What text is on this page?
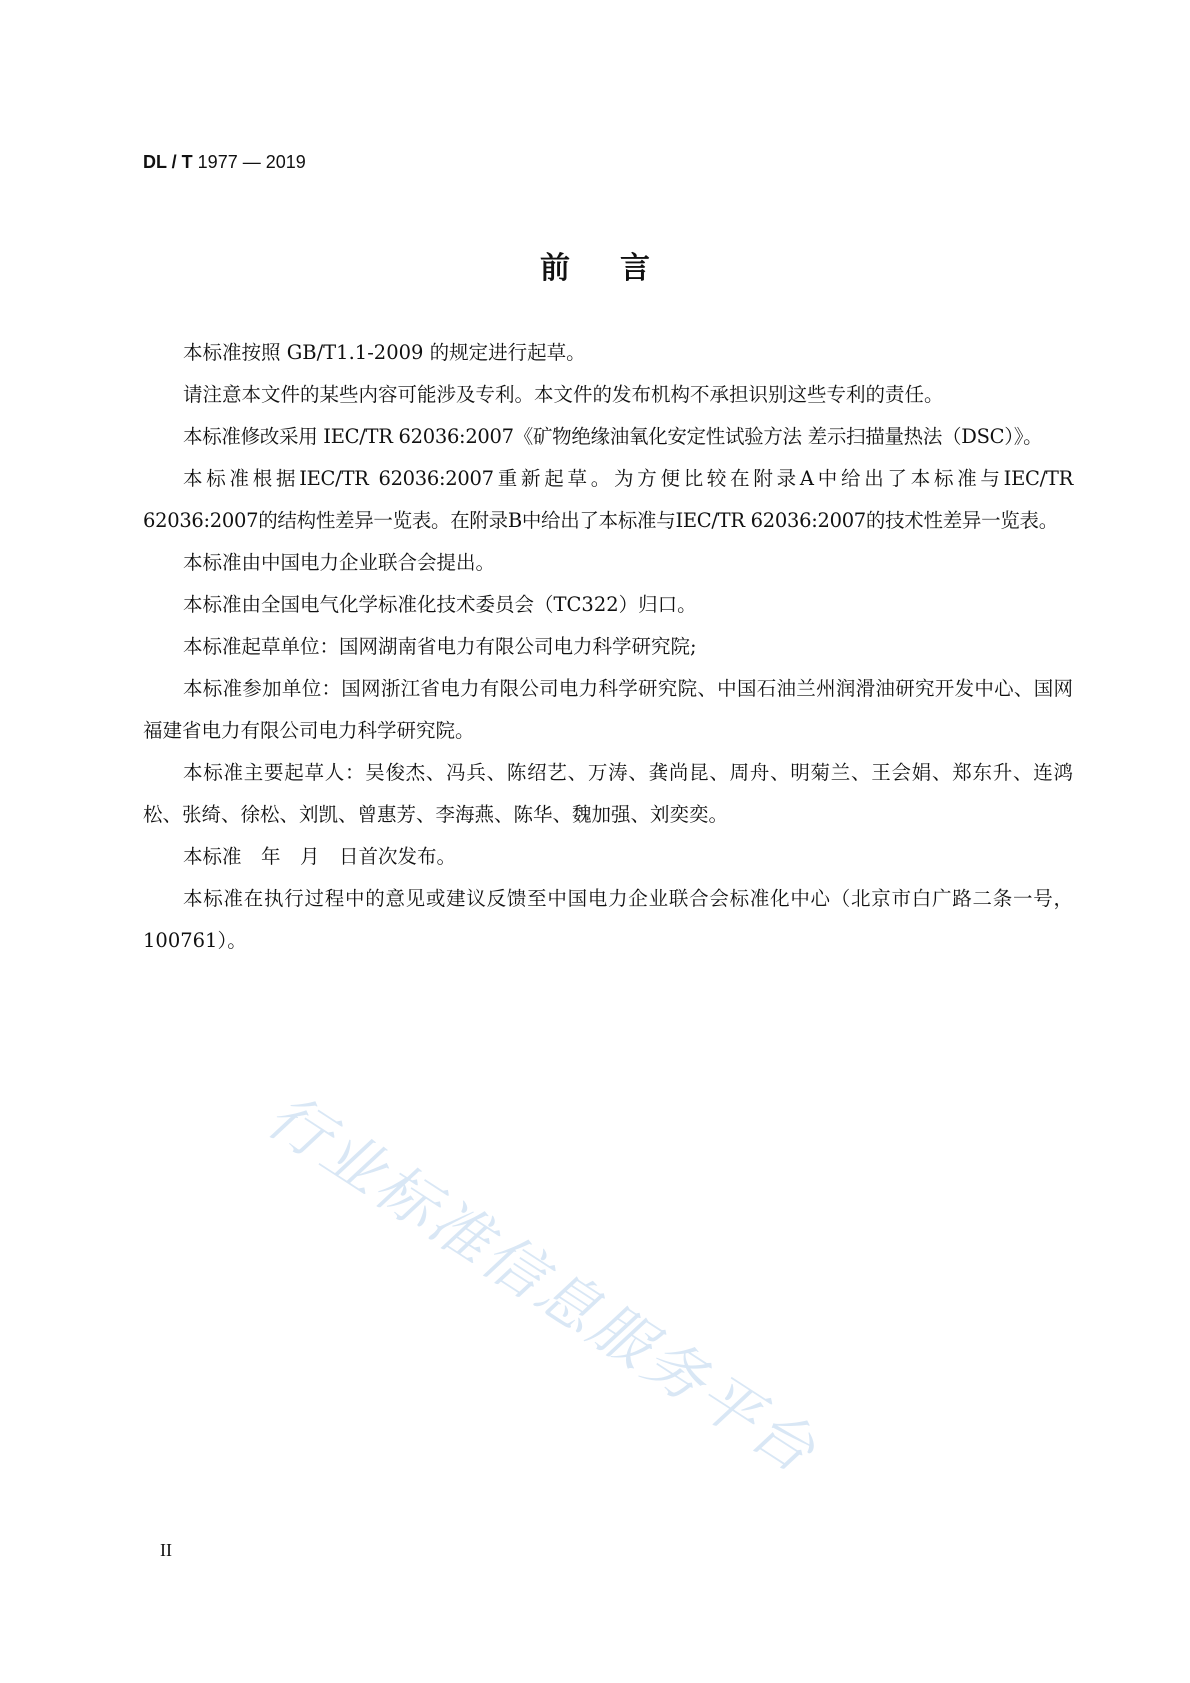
DL / T 1977 — 2019
前言

本标准按照 GB/T1.1-2009 的规定进行起草。

请注意本文件的某些内容可能涉及专利。本文件的发布机构不承担识别这些专利的责任。

本标准修改采用 IEC/TR 62036:2007《矿物绝缘油氧化安定性试验方法 差示扫描量热法（DSC）》。

本标准根据IEC/TR 62036:2007重新起草。为方便比较在附录A中给出了本标准与IEC/TR 62036:2007的结构性差异一览表。在附录B中给出了本标准与IEC/TR 62036:2007的技术性差异一览表。

本标准由中国电力企业联合会提出。

本标准由全国电气化学标准化技术委员会（TC322）归口。

本标准起草单位：国网湖南省电力有限公司电力科学研究院;

本标准参加单位：国网浙江省电力有限公司电力科学研究院、中国石油兰州润滑油研究开发中心、国网福建省电力有限公司电力科学研究院。

本标准主要起草人：吴俊杰、冯兵、陈绍艺、万涛、龚尚昆、周舟、明菊兰、王会娟、郑东升、连鸿松、张绮、徐松、刘凯、曾惠芳、李海燕、陈华、魏加强、刘奕奕。

本标准　年　月　日首次发布。

本标准在执行过程中的意见或建议反馈至中国电力企业联合会标准化中心（北京市白广路二条一号，100761）。

行业标准信息服务平台
II
